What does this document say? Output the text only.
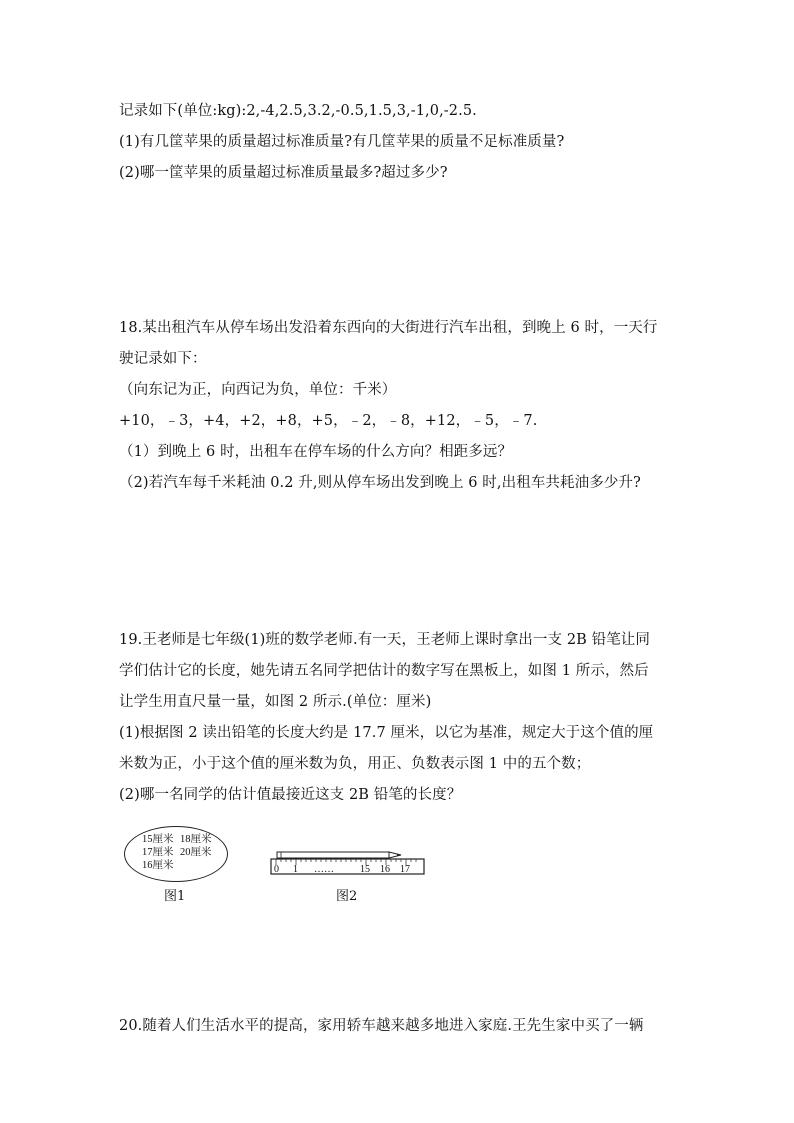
记录如下(单位:kg):2,-4,2.5,3.2,-0.5,1.5,3,-1,0,-2.5.
(1)有几筐苹果的质量超过标准质量?有几筐苹果的质量不足标准质量?
(2)哪一筐苹果的质量超过标准质量最多?超过多少?
18.某出租汽车从停车场出发沿着东西向的大街进行汽车出租，到晚上 6 时，一天行
驶记录如下：
（向东记为正，向西记为负，单位：千米）
+10，﹣3，+4，+2，+8，+5，﹣2，﹣8，+12，﹣5，﹣7.
（1）到晚上 6 时，出租车在停车场的什么方向？相距多远？
（2)若汽车每千米耗油 0.2 升,则从停车场出发到晚上 6 时,出租车共耗油多少升?
19.王老师是七年级(1)班的数学老师.有一天，王老师上课时拿出一支 2B 铅笔让同
学们估计它的长度，她先请五名同学把估计的数字写在黑板上，如图 1 所示，然后
让学生用直尺量一量，如图 2 所示.(单位：厘米)
(1)根据图 2 读出铅笔的长度大约是 17.7 厘米，以它为基准，规定大于这个值的厘
米数为正，小于这个值的厘米数为负，用正、负数表示图 1 中的五个数；
(2)哪一名同学的估计值最接近这支 2B 铅笔的长度？
15厘米 18厘米
17厘米 20厘米
16厘米
图1
0 1 ……	15 16 17
图2
20.随着人们生活水平的提高，家用轿车越来越多地进入家庭.王先生家中买了一辆
